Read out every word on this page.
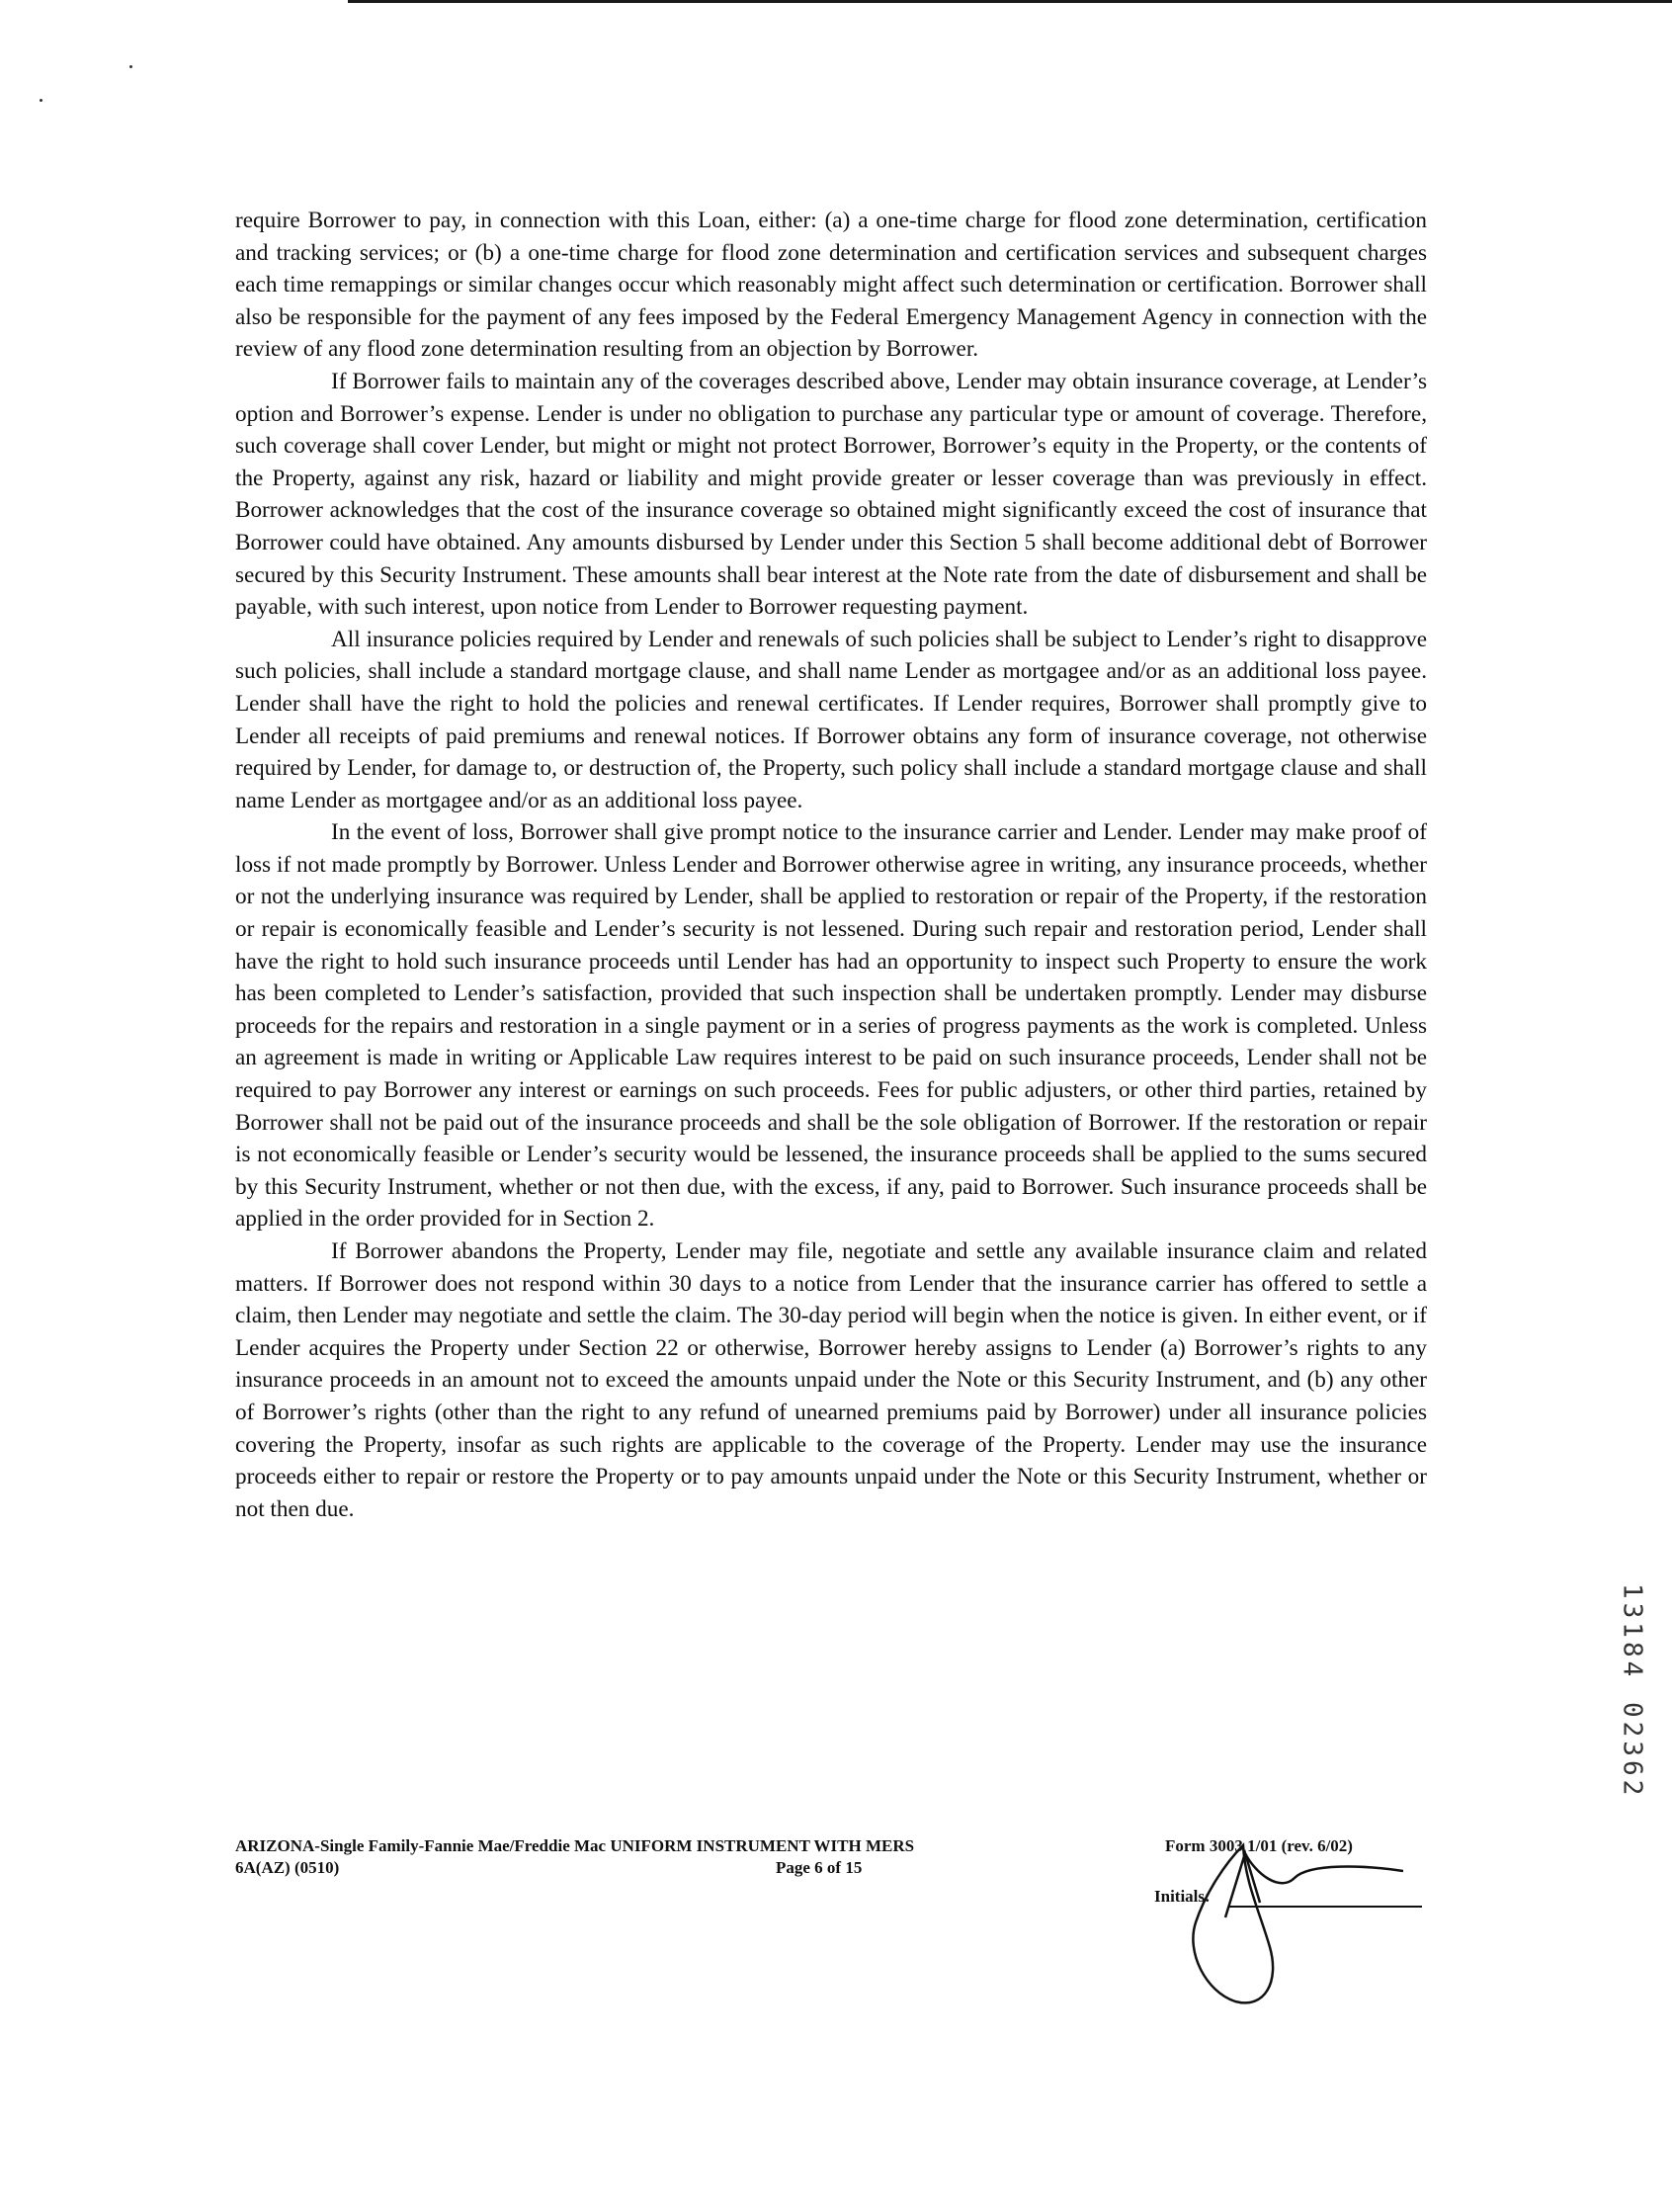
require Borrower to pay, in connection with this Loan, either: (a) a one-time charge for flood zone determination, certification and tracking services; or (b) a one-time charge for flood zone determination and certification services and subsequent charges each time remappings or similar changes occur which reasonably might affect such determination or certification. Borrower shall also be responsible for the payment of any fees imposed by the Federal Emergency Management Agency in connection with the review of any flood zone determination resulting from an objection by Borrower.

If Borrower fails to maintain any of the coverages described above, Lender may obtain insurance coverage, at Lender’s option and Borrower’s expense. Lender is under no obligation to purchase any particular type or amount of coverage. Therefore, such coverage shall cover Lender, but might or might not protect Borrower, Borrower’s equity in the Property, or the contents of the Property, against any risk, hazard or liability and might provide greater or lesser coverage than was previously in effect. Borrower acknowledges that the cost of the insurance coverage so obtained might significantly exceed the cost of insurance that Borrower could have obtained. Any amounts disbursed by Lender under this Section 5 shall become additional debt of Borrower secured by this Security Instrument. These amounts shall bear interest at the Note rate from the date of disbursement and shall be payable, with such interest, upon notice from Lender to Borrower requesting payment.

All insurance policies required by Lender and renewals of such policies shall be subject to Lender’s right to disapprove such policies, shall include a standard mortgage clause, and shall name Lender as mortgagee and/or as an additional loss payee. Lender shall have the right to hold the policies and renewal certificates. If Lender requires, Borrower shall promptly give to Lender all receipts of paid premiums and renewal notices. If Borrower obtains any form of insurance coverage, not otherwise required by Lender, for damage to, or destruction of, the Property, such policy shall include a standard mortgage clause and shall name Lender as mortgagee and/or as an additional loss payee.

In the event of loss, Borrower shall give prompt notice to the insurance carrier and Lender. Lender may make proof of loss if not made promptly by Borrower. Unless Lender and Borrower otherwise agree in writing, any insurance proceeds, whether or not the underlying insurance was required by Lender, shall be applied to restoration or repair of the Property, if the restoration or repair is economically feasible and Lender’s security is not lessened. During such repair and restoration period, Lender shall have the right to hold such insurance proceeds until Lender has had an opportunity to inspect such Property to ensure the work has been completed to Lender’s satisfaction, provided that such inspection shall be undertaken promptly. Lender may disburse proceeds for the repairs and restoration in a single payment or in a series of progress payments as the work is completed. Unless an agreement is made in writing or Applicable Law requires interest to be paid on such insurance proceeds, Lender shall not be required to pay Borrower any interest or earnings on such proceeds. Fees for public adjusters, or other third parties, retained by Borrower shall not be paid out of the insurance proceeds and shall be the sole obligation of Borrower. If the restoration or repair is not economically feasible or Lender’s security would be lessened, the insurance proceeds shall be applied to the sums secured by this Security Instrument, whether or not then due, with the excess, if any, paid to Borrower. Such insurance proceeds shall be applied in the order provided for in Section 2.

If Borrower abandons the Property, Lender may file, negotiate and settle any available insurance claim and related matters. If Borrower does not respond within 30 days to a notice from Lender that the insurance carrier has offered to settle a claim, then Lender may negotiate and settle the claim. The 30-day period will begin when the notice is given. In either event, or if Lender acquires the Property under Section 22 or otherwise, Borrower hereby assigns to Lender (a) Borrower’s rights to any insurance proceeds in an amount not to exceed the amounts unpaid under the Note or this Security Instrument, and (b) any other of Borrower’s rights (other than the right to any refund of unearned premiums paid by Borrower) under all insurance policies covering the Property, insofar as such rights are applicable to the coverage of the Property. Lender may use the insurance proceeds either to repair or restore the Property or to pay amounts unpaid under the Note or this Security Instrument, whether or not then due.

ARIZONA-Single Family-Fannie Mae/Freddie Mac UNIFORM INSTRUMENT WITH MERS
6A(AZ) (0510)	Page 6 of 15
Form 3003 1/01 (rev. 6/02)
Initials:
13184
02362
